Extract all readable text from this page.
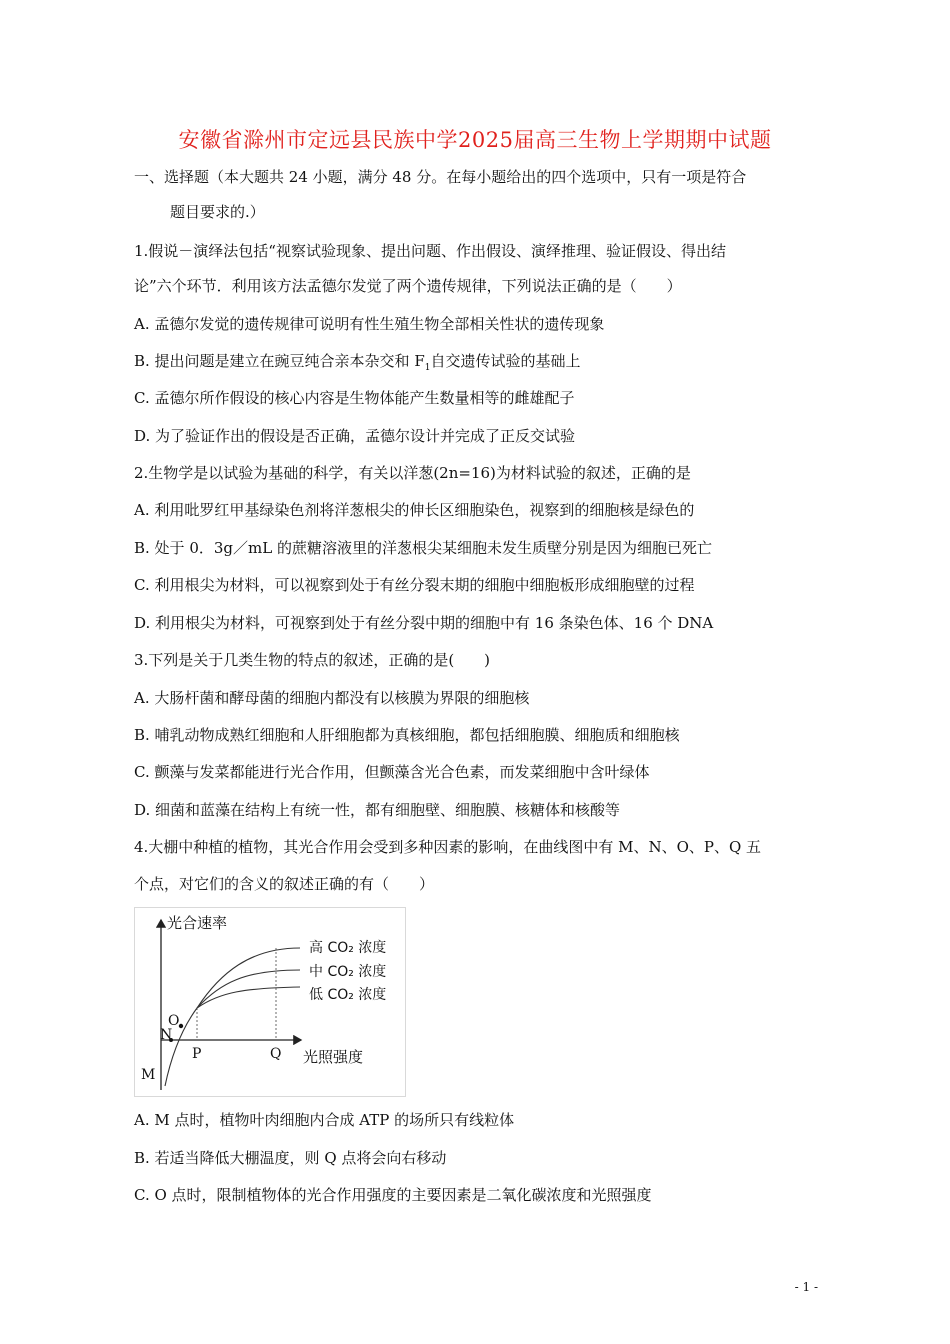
安徽省滁州市定远县民族中学2025届高三生物上学期期中试题
一、选择题（本大题共 24 小题，满分 48 分。在每小题给出的四个选项中，只有一项是符合
题目要求的.）
1.假说－演绎法包括“视察试验现象、提出问题、作出假设、演绎推理、验证假设、得出结
论”六个环节．利用该方法孟德尔发觉了两个遗传规律，下列说法正确的是（　　）
A. 孟德尔发觉的遗传规律可说明有性生殖生物全部相关性状的遗传现象
B. 提出问题是建立在豌豆纯合亲本杂交和 $F_1$自交遗传试验的基础上
C. 孟德尔所作假设的核心内容是生物体能产生数量相等的雌雄配子
D. 为了验证作出的假设是否正确，孟德尔设计并完成了正反交试验
2.生物学是以试验为基础的科学，有关以洋葱(2n=16)为材料试验的叙述，正确的是
A. 利用吡罗红甲基绿染色剂将洋葱根尖的伸长区细胞染色，视察到的细胞核是绿色的
B. 处于 0．3g／mL 的蔗糖溶液里的洋葱根尖某细胞未发生质壁分别是因为细胞已死亡
C. 利用根尖为材料，可以视察到处于有丝分裂末期的细胞中细胞板形成细胞壁的过程
D. 利用根尖为材料，可视察到处于有丝分裂中期的细胞中有 16 条染色体、16 个 DNA
3.下列是关于几类生物的特点的叙述，正确的是(　　)
A. 大肠杆菌和酵母菌的细胞内都没有以核膜为界限的细胞核
B. 哺乳动物成熟红细胞和人肝细胞都为真核细胞，都包括细胞膜、细胞质和细胞核
C. 颤藻与发菜都能进行光合作用，但颤藻含光合色素，而发菜细胞中含叶绿体
D. 细菌和蓝藻在结构上有统一性，都有细胞壁、细胞膜、核糖体和核酸等
4.大棚中种植的植物，其光合作用会受到多种因素的影响，在曲线图中有 M、N、O、P、Q 五
个点，对它们的含义的叙述正确的有（　　）
光合速率
光照强度
高 CO₂ 浓度
中 CO₂ 浓度
低 CO₂ 浓度
M
N
O
P	Q
A. M 点时，植物叶肉细胞内合成 ATP 的场所只有线粒体
B. 若适当降低大棚温度，则 Q 点将会向右移动
C. O 点时，限制植物体的光合作用强度的主要因素是二氧化碳浓度和光照强度
- 1 -
